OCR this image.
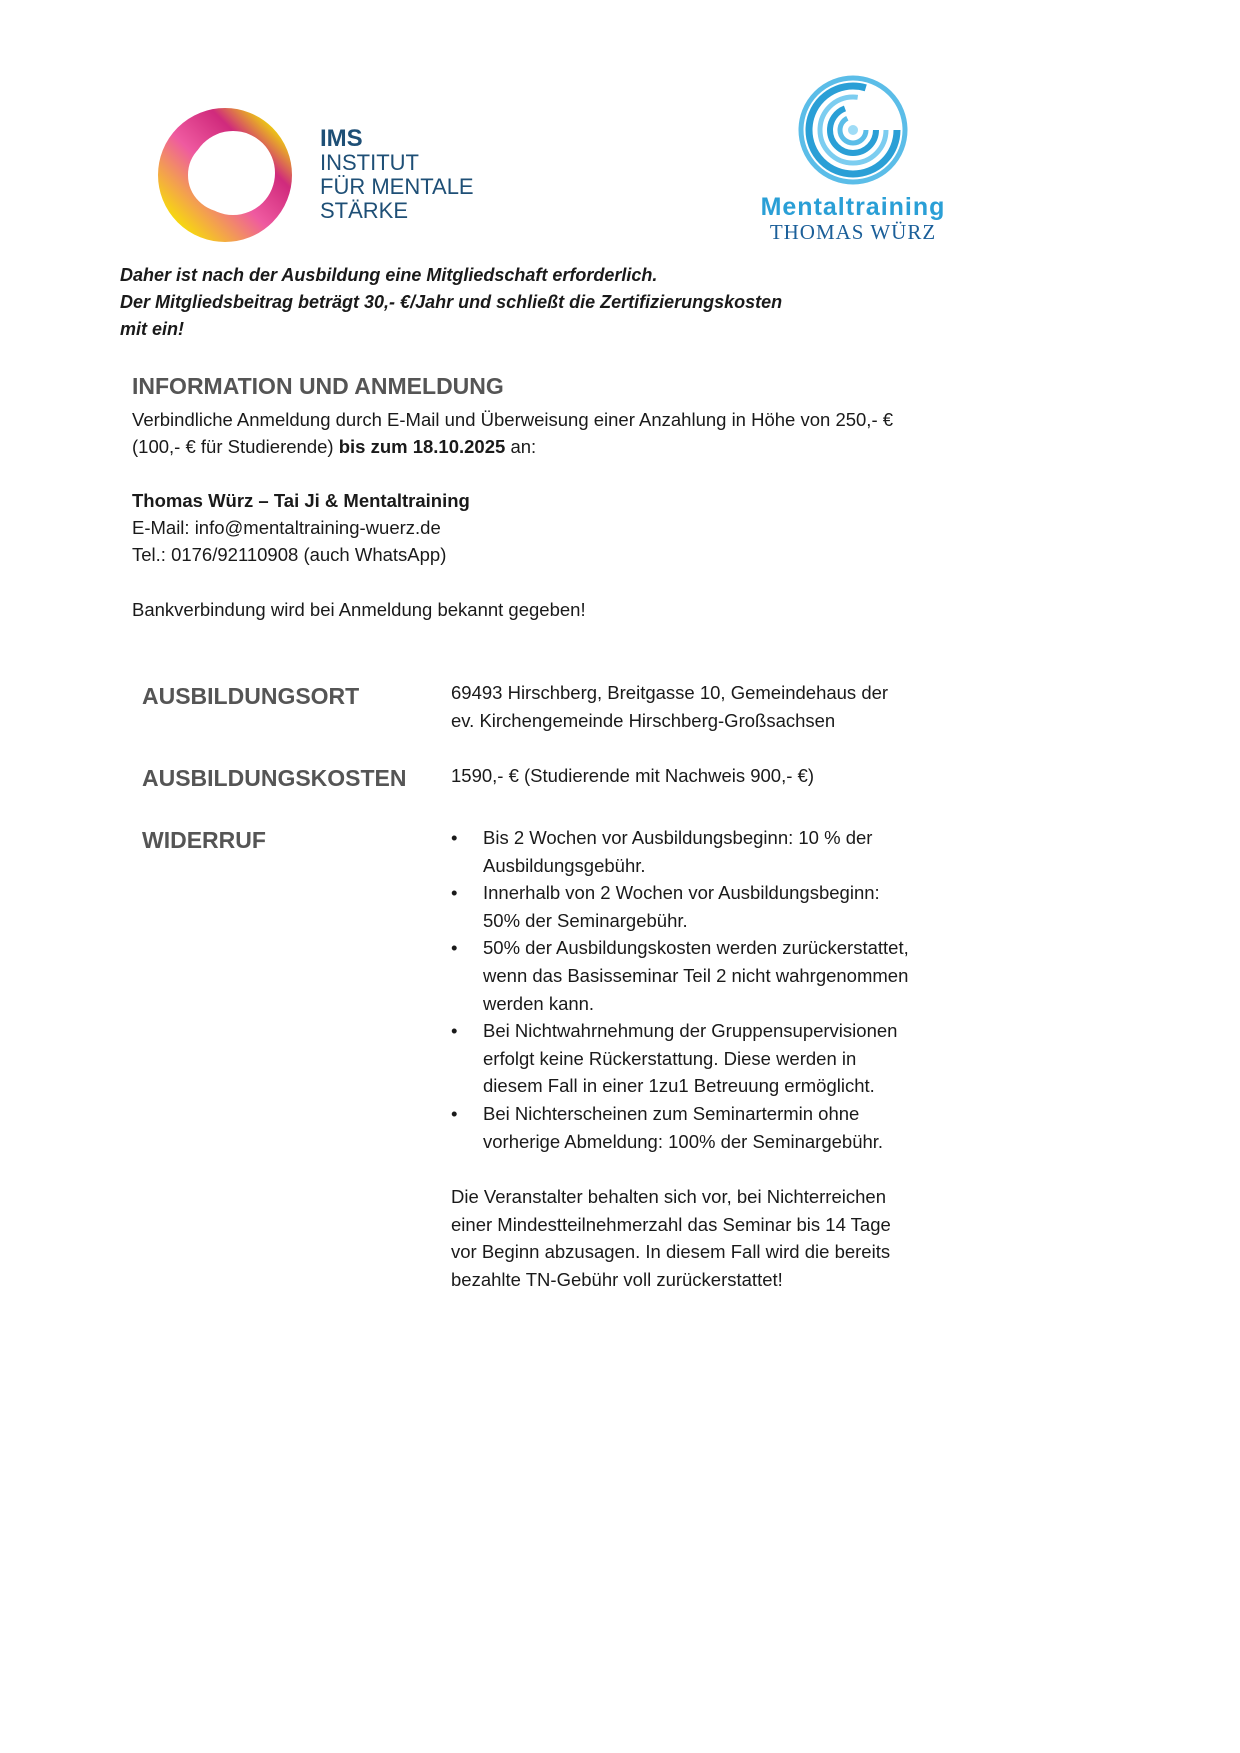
IMS
INSTITUT
FÜR MENTALE
STÄRKE	Mentaltraining
THOMAS WÜRZ
Daher ist nach der Ausbildung eine Mitgliedschaft erforderlich.
Der Mitgliedsbeitrag beträgt 30,- €/Jahr und schließt die Zertifizierungskosten
mit ein!
INFORMATION UND ANMELDUNG
Verbindliche Anmeldung durch E-Mail und Überweisung einer Anzahlung in Höhe von 250,- €
(100,- € für Studierende) bis zum 18.10.2025 an:
Thomas Würz – Tai Ji & Mentaltraining
E-Mail: info@mentaltraining-wuerz.de
Tel.: 0176/92110908 (auch WhatsApp)
Bankverbindung wird bei Anmeldung bekannt gegeben!
AUSBILDUNGSORT	69493 Hirschberg, Breitgasse 10, Gemeindehaus der
ev. Kirchengemeinde Hirschberg-Großsachsen
AUSBILDUNGSKOSTEN 1590,- € (Studierende mit Nachweis 900,- €)
WIDERRUF	•	Bis 2 Wochen vor Ausbildungsbeginn: 10 % der
Ausbildungsgebühr.
•	Innerhalb von 2 Wochen vor Ausbildungsbeginn:
50% der Seminargebühr.
•	50% der Ausbildungskosten werden zurückerstattet,
wenn das Basisseminar Teil 2 nicht wahrgenommen
werden kann.
•	Bei Nichtwahrnehmung der Gruppensupervisionen
erfolgt keine Rückerstattung. Diese werden in
diesem Fall in einer 1zu1 Betreuung ermöglicht.
•	Bei Nichterscheinen zum Seminartermin ohne
vorherige Abmeldung: 100% der Seminargebühr.
Die Veranstalter behalten sich vor, bei Nichterreichen
einer Mindestteilnehmerzahl das Seminar bis 14 Tage
vor Beginn abzusagen. In diesem Fall wird die bereits
bezahlte TN-Gebühr voll zurückerstattet!
